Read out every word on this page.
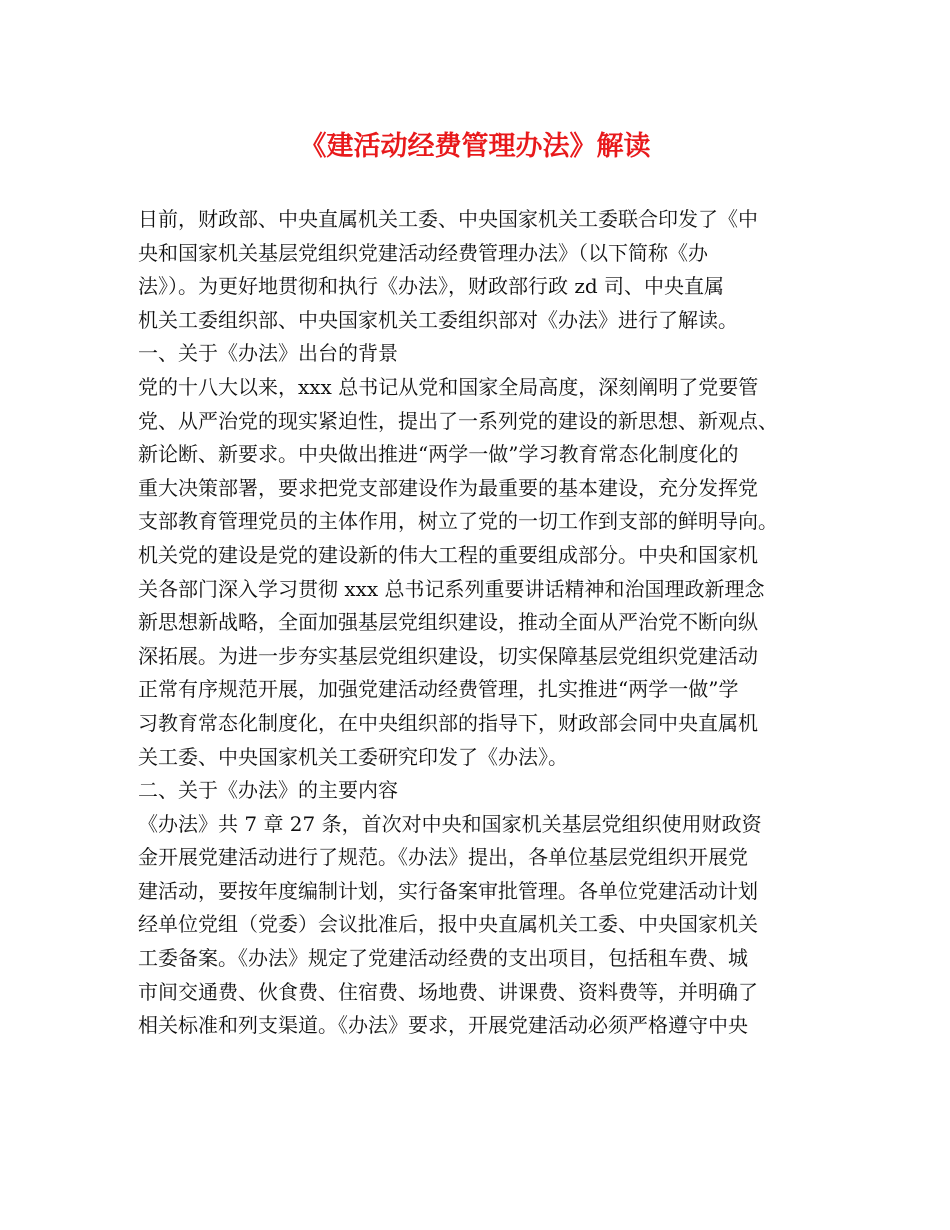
《建活动经费管理办法》解读
日前，财政部、中央直属机关工委、中央国家机关工委联合印发了《中
央和国家机关基层党组织党建活动经费管理办法》（以下简称《办
法》）。为更好地贯彻和执行《办法》，财政部行政 zd 司、中央直属
机关工委组织部、中央国家机关工委组织部对《办法》进行了解读。
一、关于《办法》出台的背景
党的十八大以来，xxx 总书记从党和国家全局高度，深刻阐明了党要管
党、从严治党的现实紧迫性，提出了一系列党的建设的新思想、新观点、
新论断、新要求。中央做出推进“两学一做”学习教育常态化制度化的
重大决策部署，要求把党支部建设作为最重要的基本建设，充分发挥党
支部教育管理党员的主体作用，树立了党的一切工作到支部的鲜明导向。
机关党的建设是党的建设新的伟大工程的重要组成部分。中央和国家机
关各部门深入学习贯彻 xxx 总书记系列重要讲话精神和治国理政新理念
新思想新战略，全面加强基层党组织建设，推动全面从严治党不断向纵
深拓展。为进一步夯实基层党组织建设，切实保障基层党组织党建活动
正常有序规范开展，加强党建活动经费管理，扎实推进“两学一做”学
习教育常态化制度化，在中央组织部的指导下，财政部会同中央直属机
关工委、中央国家机关工委研究印发了《办法》。
二、关于《办法》的主要内容
《办法》共 7 章 27 条，首次对中央和国家机关基层党组织使用财政资
金开展党建活动进行了规范。《办法》提出，各单位基层党组织开展党
建活动，要按年度编制计划，实行备案审批管理。各单位党建活动计划
经单位党组（党委）会议批准后，报中央直属机关工委、中央国家机关
工委备案。《办法》规定了党建活动经费的支出项目，包括租车费、城
市间交通费、伙食费、住宿费、场地费、讲课费、资料费等，并明确了
相关标准和列支渠道。《办法》要求，开展党建活动必须严格遵守中央
